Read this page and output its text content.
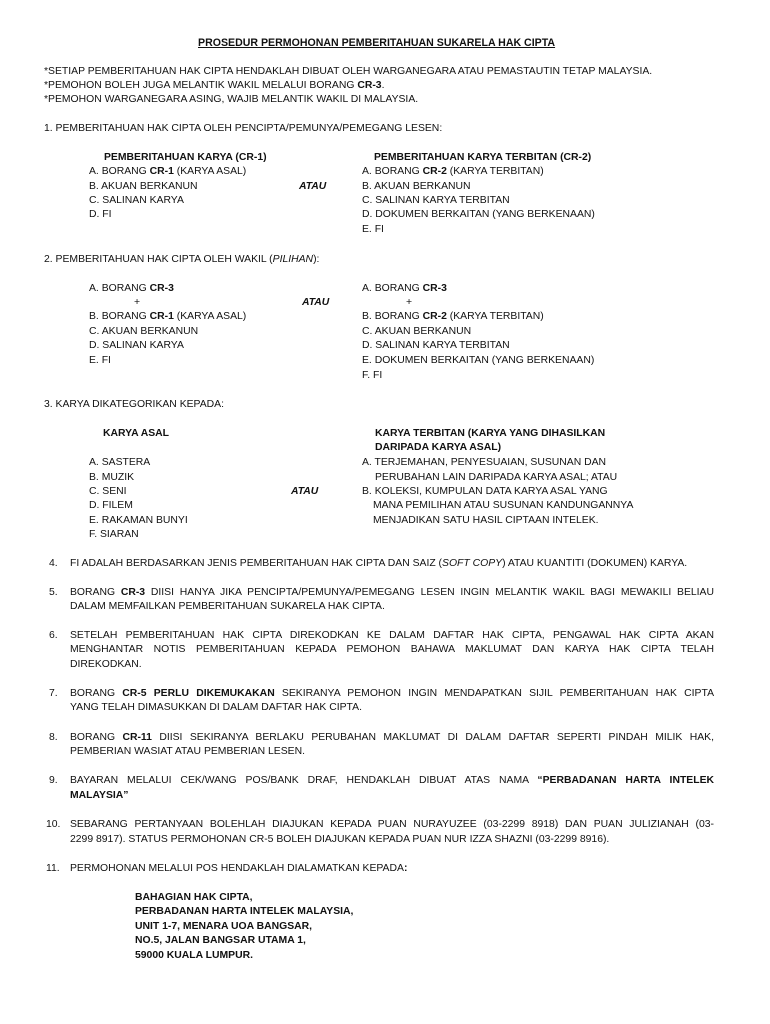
PROSEDUR PERMOHONAN PEMBERITAHUAN SUKARELA HAK CIPTA
*SETIAP PEMBERITAHUAN HAK CIPTA HENDAKLAH DIBUAT OLEH WARGANEGARA ATAU PEMASTAUTIN TETAP MALAYSIA.
*PEMOHON BOLEH JUGA MELANTIK WAKIL MELALUI BORANG CR-3.
*PEMOHON WARGANEGARA ASING, WAJIB MELANTIK WAKIL DI MALAYSIA.
1. PEMBERITAHUAN HAK CIPTA OLEH PENCIPTA/PEMUNYA/PEMEGANG LESEN:
PEMBERITAHUAN KARYA (CR-1)
A. BORANG CR-1 (KARYA ASAL)
B. AKUAN BERKANUN
C. SALINAN KARYA
D. FI
ATAU
PEMBERITAHUAN KARYA TERBITAN (CR-2)
A. BORANG CR-2 (KARYA TERBITAN)
B. AKUAN BERKANUN
C. SALINAN KARYA TERBITAN
D. DOKUMEN BERKAITAN (YANG BERKENAAN)
E. FI
2. PEMBERITAHUAN HAK CIPTA OLEH WAKIL (PILIHAN):
A. BORANG CR-3
+
B. BORANG CR-1 (KARYA ASAL)
C. AKUAN BERKANUN
D. SALINAN KARYA
E. FI
ATAU
A. BORANG CR-3
+
B. BORANG CR-2 (KARYA TERBITAN)
C. AKUAN BERKANUN
D. SALINAN KARYA TERBITAN
E. DOKUMEN BERKAITAN (YANG BERKENAAN)
F. FI
3. KARYA DIKATEGORIKAN KEPADA:
KARYA ASAL
A. SASTERA
B. MUZIK
C. SENI
D. FILEM
E. RAKAMAN BUNYI
F. SIARAN
ATAU
KARYA TERBITAN (KARYA YANG DIHASILKAN
DARIPADA KARYA ASAL)
A. TERJEMAHAN, PENYESUAIAN, SUSUNAN DAN
PERUBAHAN LAIN DARIPADA KARYA ASAL; ATAU
B. KOLEKSI, KUMPULAN DATA KARYA ASAL YANG
MANA PEMILIHAN ATAU SUSUNAN KANDUNGANNYA
MENJADIKAN SATU HASIL CIPTAAN INTELEK.
4. FI ADALAH BERDASARKAN JENIS PEMBERITAHUAN HAK CIPTA DAN SAIZ (SOFT COPY) ATAU KUANTITI (DOKUMEN) KARYA.
5. BORANG CR-3 DIISI HANYA JIKA PENCIPTA/PEMUNYA/PEMEGANG LESEN INGIN MELANTIK WAKIL BAGI MEWAKILI BELIAU
DALAM MEMFAILKAN PEMBERITAHUAN SUKARELA HAK CIPTA.
6. SETELAH PEMBERITAHUAN HAK CIPTA DIREKODKAN KE DALAM DAFTAR HAK CIPTA, PENGAWAL HAK CIPTA AKAN
MENGHANTAR NOTIS PEMBERITAHUAN KEPADA PEMOHON BAHAWA MAKLUMAT DAN KARYA HAK CIPTA TELAH
DIREKODKAN.
7. BORANG CR-5 PERLU DIKEMUKAKAN SEKIRANYA PEMOHON INGIN MENDAPATKAN SIJIL PEMBERITAHUAN HAK CIPTA
YANG TELAH DIMASUKKAN DI DALAM DAFTAR HAK CIPTA.
8. BORANG CR-11 DIISI SEKIRANYA BERLAKU PERUBAHAN MAKLUMAT DI DALAM DAFTAR SEPERTI PINDAH MILIK HAK,
PEMBERIAN WASIAT ATAU PEMBERIAN LESEN.
9. BAYARAN MELALUI CEK/WANG POS/BANK DRAF, HENDAKLAH DIBUAT ATAS NAMA “PERBADANAN HARTA INTELEK
MALAYSIA”
10. SEBARANG PERTANYAAN BOLEHLAH DIAJUKAN KEPADA PUAN NURAYUZEE (03-2299 8918) DAN PUAN JULIZIANAH (03-
2299 8917). STATUS PERMOHONAN CR-5 BOLEH DIAJUKAN KEPADA PUAN NUR IZZA SHAZNI (03-2299 8916).
11. PERMOHONAN MELALUI POS HENDAKLAH DIALAMATKAN KEPADA:
BAHAGIAN HAK CIPTA,
PERBADANAN HARTA INTELEK MALAYSIA,
UNIT 1-7, MENARA UOA BANGSAR,
NO.5, JALAN BANGSAR UTAMA 1,
59000 KUALA LUMPUR.
